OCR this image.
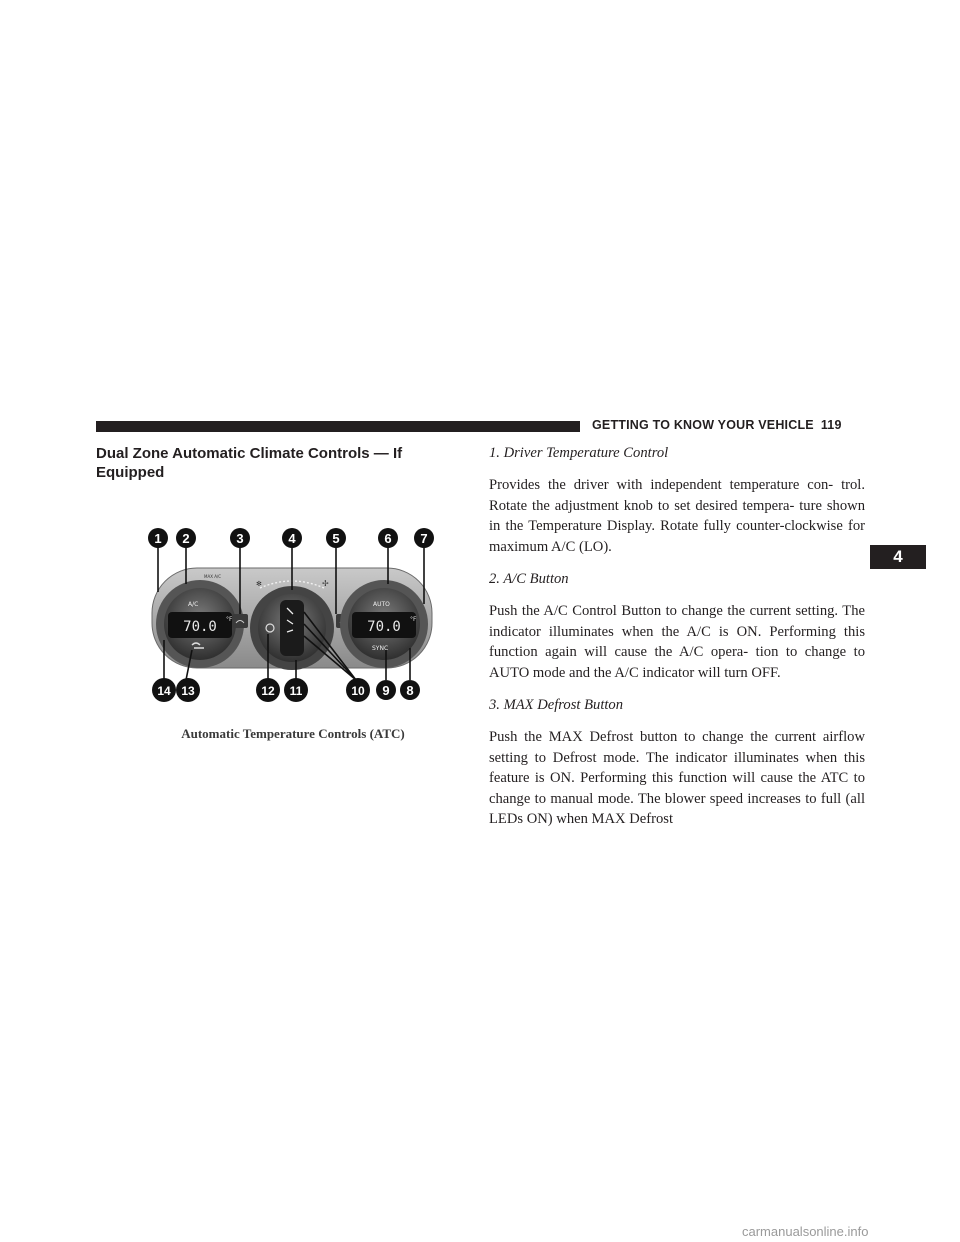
GETTING TO KNOW YOUR VEHICLE 119
4
Dual Zone Automatic Climate Controls — If Equipped
70.0 °F
A/C
MAX A/C
✻	✢
70.0 °F
AUTO
SYNC
1 2	3	4	5	6 7
8
9
10
11
12
13
14
Automatic Temperature Controls (ATC)
1. Driver Temperature Control

Provides the driver with independent temperature con- trol. Rotate the adjustment knob to set desired tempera- ture shown in the Temperature Display. Rotate fully counter-clockwise for maximum A/C (LO).

2. A/C Button

Push the A/C Control Button to change the current setting. The indicator illuminates when the A/C is ON. Performing this function again will cause the A/C opera- tion to change to AUTO mode and the A/C indicator will turn OFF.

3. MAX Defrost Button

Push the MAX Defrost button to change the current airflow setting to Defrost mode. The indicator illuminates when this feature is ON. Performing this function will cause the ATC to change to manual mode. The blower speed increases to full (all LEDs ON) when MAX Defrost

carmanualsonline.info
